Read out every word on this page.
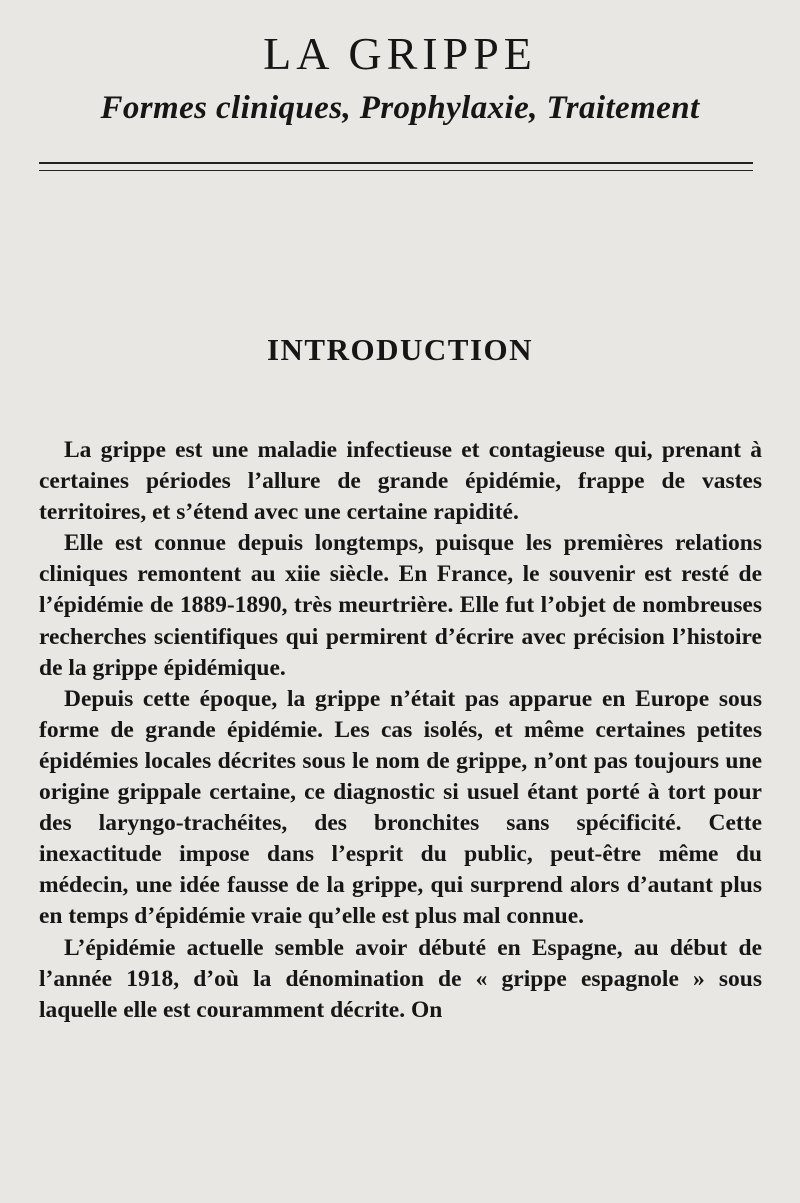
LA GRIPPE
Formes cliniques, Prophylaxie, Traitement
INTRODUCTION

La grippe est une maladie infectieuse et contagieuse qui, prenant à certaines périodes l’allure de grande épidémie, frappe de vastes territoires, et s’étend avec une certaine rapidité.

Elle est connue depuis longtemps, puisque les premières relations cliniques remontent au xiie siècle. En France, le souvenir est resté de l’épidémie de 1889-1890, très meurtrière. Elle fut l’objet de nombreuses recherches scientifiques qui permirent d’écrire avec précision l’histoire de la grippe épidémique.

Depuis cette époque, la grippe n’était pas apparue en Europe sous forme de grande épidémie. Les cas isolés, et même certaines petites épidémies locales décrites sous le nom de grippe, n’ont pas toujours une origine grippale certaine, ce diagnostic si usuel étant porté à tort pour des laryngo-trachéites, des bronchites sans spécificité. Cette inexactitude impose dans l’esprit du public, peut-être même du médecin, une idée fausse de la grippe, qui surprend alors d’autant plus en temps d’épidémie vraie qu’elle est plus mal connue.

L’épidémie actuelle semble avoir débuté en Espagne, au début de l’année 1918, d’où la dénomination de « grippe espagnole » sous laquelle elle est couramment décrite. On
